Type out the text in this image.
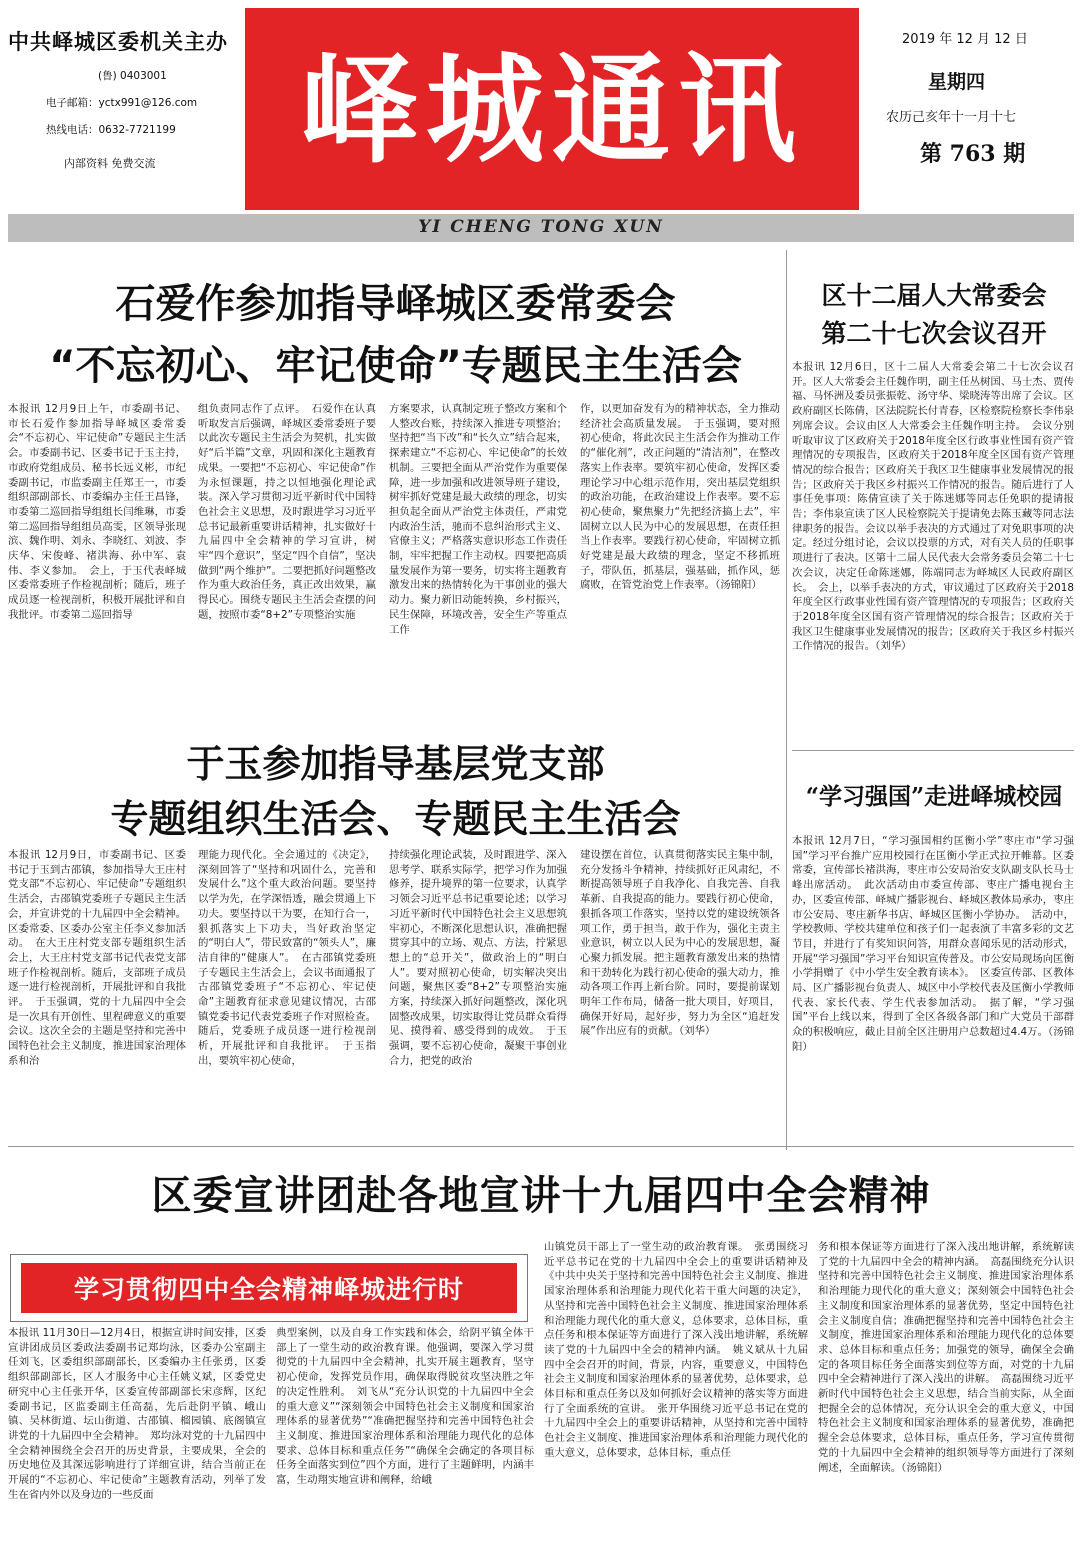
中共峄城区委机关主办
(鲁) 0403001
电子邮箱：yctx991@126.com
热线电话：0632-7721199
内部资料 免费交流	峄城通讯
2019 年 12 月 12 日
星期四
农历己亥年十一月十七
第 763 期
YI CHENG TONG XUN
石爱作参加指导峄城区委常委会
“不忘初心、牢记使命”专题民主生活会
本报讯 12月9日上午，市委副书记、市长石爱作参加指导峄城区委常委会“不忘初心、牢记使命”专题民主生活会。市委副书记、区委书记于玉主持，市政府党组成员、秘书长远义彬，市纪委副书记，市监委副主任郑王一，市委组织部副部长、市委编办主任王昌锋，市委第二巡回指导组组长闫维琳，市委第二巡回指导组组员高雯，区领导张现滨、魏作明、刘永、李晓红、刘波、李庆华、宋俊峰、褚洪海、孙中军、袁伟、李义参加。　会上，于玉代表峄城区委常委班子作检视剖析；随后，班子成员逐一检视剖析，积极开展批评和自我批评。市委第二巡回指导
组负责同志作了点评。　石爱作在认真听取发言后强调，峄城区委常委班子要以此次专题民主生活会为契机，扎实做好“后半篇”文章，巩固和深化主题教育成果。一要把“不忘初心、牢记使命”作为永恒课题，持之以恒地强化理论武装。深入学习贯彻习近平新时代中国特色社会主义思想，及时跟进学习习近平总书记最新重要讲话精神，扎实做好十九届四中全会精神的学习宣讲，树牢“四个意识”，坚定“四个自信”，坚决做到“两个维护”。二要把抓好问题整改作为重大政治任务，真正改出效果，赢得民心。围绕专题民主生活会查摆的问题，按照市委“8+2”专项整治实施
方案要求，认真制定班子整改方案和个人整改台账，持续深入推进专项整治；坚持把“当下改”和“长久立”结合起来，探索建立“不忘初心、牢记使命”的长效机制。三要把全面从严治党作为重要保障，进一步加强和改进领导班子建设，树牢抓好党建是最大政绩的理念，切实担负起全面从严治党主体责任，严肃党内政治生活，驰而不息纠治形式主义、官僚主义；严格落实意识形态工作责任制，牢牢把握工作主动权。四要把高质量发展作为第一要务，切实将主题教育激发出来的热情转化为干事创业的强大动力。聚力新旧动能转换，乡村振兴，民生保障，环境改善，安全生产等重点工作
作，以更加奋发有为的精神状态，全力推动经济社会高质量发展。　于玉强调，要对照初心使命，将此次民主生活会作为推动工作的“催化剂”，改正问题的“清洁剂”，在整改落实上作表率。要筑牢初心使命，发挥区委理论学习中心组示范作用，突出基层党组织的政治功能，在政治建设上作表率。要不忘初心使命，聚焦聚力“先把经济搞上去”，牢固树立以人民为中心的发展思想，在责任担当上作表率。要践行初心使命，牢固树立抓好党建是最大政绩的理念，坚定不移抓班子，带队伍，抓基层，强基础，抓作风，惩腐败，在管党治党上作表率。（汤锦阳）
区十二届人大常委会
第二十七次会议召开
本报讯 12月6日，区十二届人大常委会第二十七次会议召开。区人大常委会主任魏作明，副主任丛树国、马士杰、贾传福、马怀洲及委员张振乾、汤守华、梁晓涛等出席了会议。区政府副区长陈倩，区法院院长付青春，区检察院检察长李伟泉列席会议。会议由区人大常委会主任魏作明主持。　会议分别听取审议了区政府关于2018年度全区行政事业性国有资产管理情况的专项报告，区政府关于2018年度全区国有资产管理情况的综合报告；区政府关于我区卫生健康事业发展情况的报告；区政府关于我区乡村振兴工作情况的报告。随后进行了人事任免事项：陈倩宣读了关于陈迷娜等同志任免职的提请报告；李伟泉宣读了区人民检察院关于提请免去陈玉藏等同志法律职务的报告。会议以举手表决的方式通过了对免职事项的决定。经过分组讨论，会议以投票的方式，对有关人员的任职事项进行了表决。区第十二届人民代表大会常务委员会第二十七次会议，决定任命陈迷娜，陈端同志为峄城区人民政府副区长。　会上，以举手表决的方式，审议通过了区政府关于2018年度全区行政事业性国有资产管理情况的专项报告；区政府关于2018年度全区国有资产管理情况的综合报告；区政府关于我区卫生健康事业发展情况的报告；区政府关于我区乡村振兴工作情况的报告。（刘华）
于玉参加指导基层党支部
专题组织生活会、专题民主生活会
本报讯 12月9日，市委副书记、区委书记于玉到古邵镇，参加指导大王庄村党支部“不忘初心、牢记使命”专题组织生活会，古邵镇党委班子专题民主生活会，并宣讲党的十九届四中全会精神。区委常委、区委办公室主任李义参加活动。　在大王庄村党支部专题组织生活会上，大王庄村党支部书记代表党支部班子作检视剖析。随后，支部班子成员逐一进行检视剖析，开展批评和自我批评。　于玉强调，党的十九届四中全会是一次具有开创性、里程碑意义的重要会议。这次全会的主题是坚持和完善中国特色社会主义制度，推进国家治理体系和治
理能力现代化。全会通过的《决定》，深刻回答了“坚持和巩固什么，完善和发展什么”这个重大政治问题。要坚持以学为先，在学深悟透，融会贯通上下功夫。要坚持以干为要，在知行合一，狠抓落实上下功夫，当好政治坚定的“明白人”，带民致富的“领头人”，廉洁自律的“健康人”。　在古邵镇党委班子专题民主生活会上，会议书面通报了古邵镇党委班子“不忘初心、牢记使命”主题教育征求意见建议情况，古邵镇党委书记代表党委班子作对照检查。随后，党委班子成员逐一进行检视剖析，开展批评和自我批评。　于玉指出，要筑牢初心使命，
持续强化理论武装，及时跟进学、深入思考学、联系实际学，把学习作为加强修养，提升境界的第一位要求，认真学习领会习近平总书记重要论述；以学习习近平新时代中国特色社会主义思想筑牢初心，不断深化思想认识，准确把握贯穿其中的立场、观点、方法，拧紧思想上的“总开关”，做政治上的“明白人”。要对照初心使命，切实解决突出问题，聚焦区委“8+2”专项整治实施方案，持续深入抓好问题整改，深化巩固整改成果，切实取得让党员群众看得见、摸得着、感受得到的成效。　于玉强调，要不忘初心使命，凝聚干事创业合力，把党的政治
建设摆在首位，认真贯彻落实民主集中制，充分发扬斗争精神，持续抓好正风肃纪，不断提高领导班子自我净化、自我完善、自我革新、自我提高的能力。要践行初心使命，狠抓各项工作落实，坚持以党的建设统领各项工作，勇于担当，敢于作为，强化主责主业意识，树立以人民为中心的发展思想，凝心聚力抓发展。把主题教育激发出来的热情和干劲转化为践行初心使命的强大动力，推动各项工作再上新台阶。同时，要提前谋划明年工作布局，储备一批大项目，好项目，确保开好局，起好步，努力为全区“追赶发展”作出应有的贡献。（刘华）
“学习强国”走进峄城校园
本报讯 12月7日，“学习强国相约匡衡小学”枣庄市“学习强国”学习平台推广应用校园行在匡衡小学正式拉开帷幕。区委常委，宣传部长褚洪海，枣庄市公安局治安支队副支队长马士峰出席活动。　此次活动由市委宣传部、枣庄广播电视台主办，区委宣传部、峄城广播影视台、峄城区教体局承办，枣庄市公安局、枣庄新华书店、峄城区匡衡小学协办。　活动中，学校教师、学校共建单位和孩子们一起表演了丰富多彩的文艺节目，并进行了有奖知识问答，用群众喜闻乐见的活动形式，开展“学习强国”学习平台知识宣传普及。市公安局现场向匡衡小学捐赠了《中小学生安全教育读本》。　区委宣传部、区教体局、区广播影视台负责人、城区中小学校代表及匡衡小学教师代表、家长代表、学生代表参加活动。　据了解，“学习强国”平台上线以来，得到了全区各级各部门和广大党员干部群众的积极响应，截止目前全区注册用户总数超过4.4万。（汤锦阳）
区委宣讲团赴各地宣讲十九届四中全会精神
学习贯彻四中全会精神峄城进行时
本报讯 11月30日—12月4日，根据宣讲时间安排，区委宣讲团成员区委政法委副书记郑均泳，区委办公室副主任刘飞，区委组织部副部长，区委编办主任张勇，区委组织部副部长，区人才服务中心主任姚义斌，区委党史研究中心主任张开华，区委宣传部副部长宋彦辉，区纪委副书记，区监委副主任高磊，先后赴阴平镇、峨山镇、吴林街道、坛山街道、古邵镇、榴园镇、底阁镇宣讲党的十九届四中全会精神。　郑均泳对党的十九届四中全会精神围绕全会召开的历史背景，主要成果，全会的历史地位及其深远影响进行了详细宣讲，结合当前正在开展的“不忘初心、牢记使命”主题教育活动，列举了发生在省内外以及身边的一些反面
典型案例，以及自身工作实践和体会，给阴平镇全体干部上了一堂生动的政治教育课。他强调，要深入学习贯彻党的十九届四中全会精神，扎实开展主题教育，坚守初心使命，发挥党员作用，确保取得脱贫攻坚决胜之年的决定性胜利。　刘飞从“充分认识党的十九届四中全会的重大意义”“深刻领会中国特色社会主义制度和国家治理体系的显著优势”“准确把握坚持和完善中国特色社会主义制度、推进国家治理体系和治理能力现代化的总体要求、总体目标和重点任务”“确保全会确定的各项目标任务全面落实到位”四个方面，进行了主题鲜明，内涵丰富，生动翔实地宣讲和阐释，给峨
山镇党员干部上了一堂生动的政治教育课。　张勇围绕习近平总书记在党的十九届四中全会上的重要讲话精神及《中共中央关于坚持和完善中国特色社会主义制度、推进国家治理体系和治理能力现代化若干重大问题的决定》，从坚持和完善中国特色社会主义制度、推进国家治理体系和治理能力现代化的重大意义，总体要求，总体目标，重点任务和根本保证等方面进行了深入浅出地讲解，系统解读了党的十九届四中全会的精神内涵。　姚义斌从十九届四中全会召开的时间，背景，内容，重要意义，中国特色社会主义制度和国家治理体系的显著优势，总体要求，总体目标和重点任务以及如何抓好会议精神的落实等方面进行了全面系统的宣讲。　张开华围绕习近平总书记在党的十九届四中全会上的重要讲话精神，从坚持和完善中国特色社会主义制度、推进国家治理体系和治理能力现代化的重大意义，总体要求，总体目标，重点任
务和根本保证等方面进行了深入浅出地讲解，系统解读了党的十九届四中全会的精神内涵。　高磊围绕充分认识坚持和完善中国特色社会主义制度、推进国家治理体系和治理能力现代化的重大意义；深刻领会中国特色社会主义制度和国家治理体系的显著优势，坚定中国特色社会主义制度自信；准确把握坚持和完善中国特色社会主义制度，推进国家治理体系和治理能力现代化的总体要求、总体目标和重点任务；加强党的领导，确保全会确定的各项目标任务全面落实到位等方面，对党的十九届四中全会精神进行了深入浅出的讲解。　高磊围绕习近平新时代中国特色社会主义思想，结合当前实际，从全面把握全会的总体情况，充分认识全会的重大意义，中国特色社会主义制度和国家治理体系的显著优势，准确把握全会总体要求，总体目标，重点任务，学习宣传贯彻党的十九届四中全会精神的组织领导等方面进行了深刻阐述，全面解读。（汤锦阳）
